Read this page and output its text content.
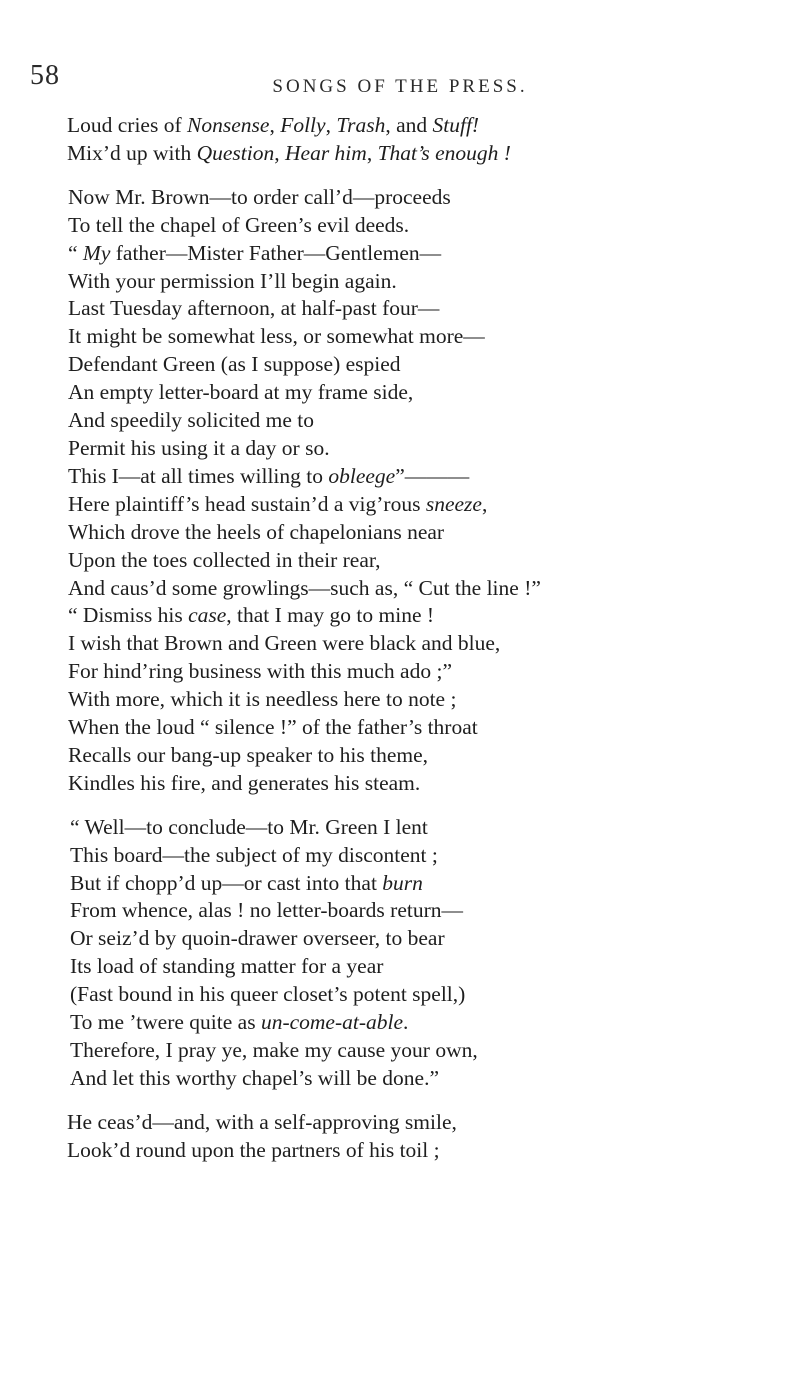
58	SONGS OF THE PRESS.
Loud cries of Nonsense, Folly, Trash, and Stuff!
Mix’d up with Question, Hear him, That’s enough !
Now Mr. Brown—to order call’d—proceeds
To tell the chapel of Green’s evil deeds.
“ My father—Mister Father—Gentlemen—
With your permission I’ll begin again.
Last Tuesday afternoon, at half-past four—
It might be somewhat less, or somewhat more—
Defendant Green (as I suppose) espied
An empty letter-board at my frame side,
And speedily solicited me to
Permit his using it a day or so.
This I—at all times willing to obleege”———
Here plaintiff’s head sustain’d a vig’rous sneeze,
Which drove the heels of chapelonians near
Upon the toes collected in their rear,
And caus’d some growlings—such as, “ Cut the line !”
“ Dismiss his case, that I may go to mine !
I wish that Brown and Green were black and blue,
For hind’ring business with this much ado ;”
With more, which it is needless here to note ;
When the loud “ silence !” of the father’s throat
Recalls our bang-up speaker to his theme,
Kindles his fire, and generates his steam.
“ Well—to conclude—to Mr. Green I lent
This board—the subject of my discontent ;
But if chopp’d up—or cast into that burn
From whence, alas ! no letter-boards return—
Or seiz’d by quoin-drawer overseer, to bear
Its load of standing matter for a year
(Fast bound in his queer closet’s potent spell,)
To me ’twere quite as un-come-at-able.
Therefore, I pray ye, make my cause your own,
And let this worthy chapel’s will be done.”
He ceas’d—and, with a self-approving smile,
Look’d round upon the partners of his toil ;
